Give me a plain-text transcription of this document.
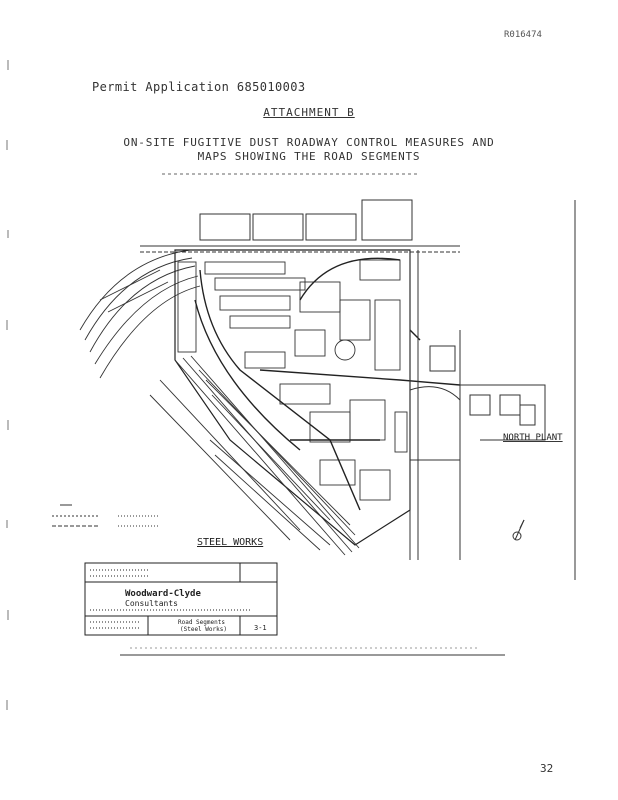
R016474
Permit Application 685010003
ATTACHMENT B
ON-SITE FUGITIVE DUST ROADWAY CONTROL MEASURES AND
MAPS SHOWING THE ROAD SEGMENTS
STEEL WORKS
NORTH PLANT
Woodward-Clyde
Consultants
Road Segments
(Steel Works)	3-1
32
